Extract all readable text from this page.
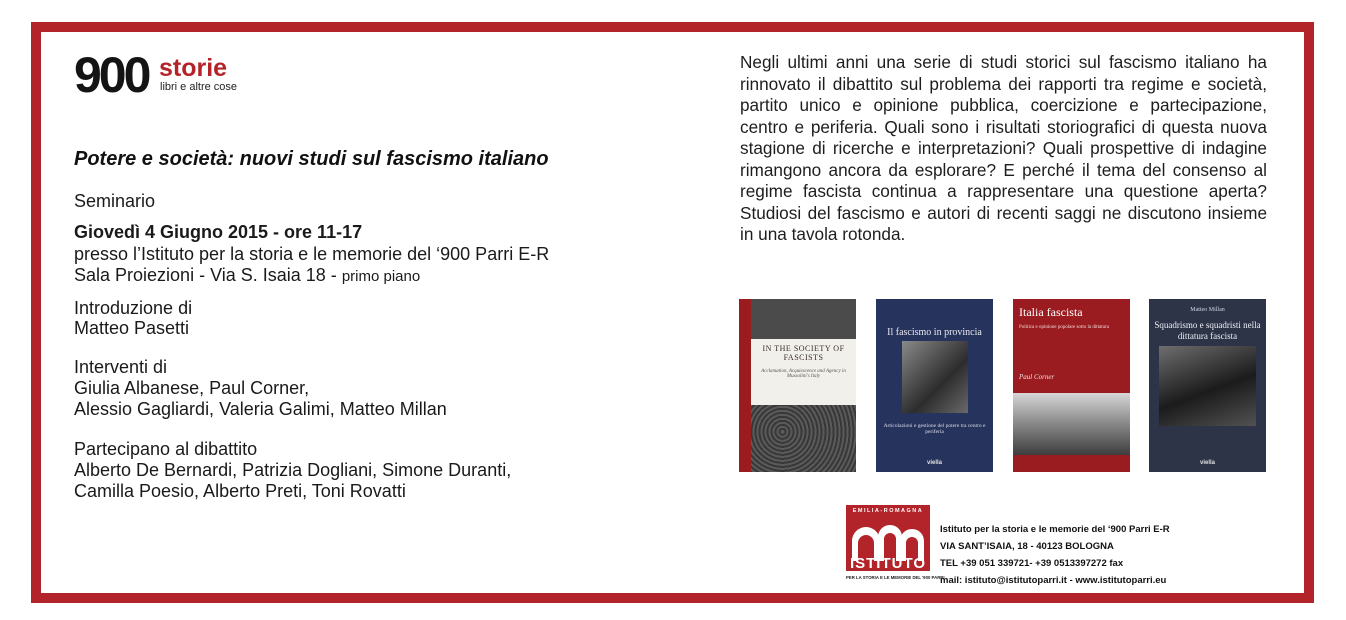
900 storie
libri e altre cose
Potere e società: nuovi studi sul fascismo italiano
Seminario
Giovedì 4 Giugno 2015 - ore 11-17
presso l’Istituto per la storia e le memorie del ‘900 Parri E-R
Sala Proiezioni - Via S. Isaia 18 - primo piano
Introduzione di
Matteo Pasetti
Interventi di
Giulia Albanese, Paul Corner,
Alessio Gagliardi, Valeria Galimi, Matteo Millan
Partecipano al dibattito
Alberto De Bernardi, Patrizia Dogliani, Simone Duranti,
Camilla Poesio, Alberto Preti, Toni Rovatti
Negli ultimi anni una serie di studi storici sul fascismo italiano ha rinnovato il dibattito sul problema dei rapporti tra regime e società, partito unico e opinione pubblica, coercizione e partecipazione, centro e periferia. Quali sono i risultati storiografici di questa nuova stagione di ricerche e interpretazioni? Quali prospettive di indagine rimangono ancora da esplorare? E perché il tema del consenso al regime fascista continua a rappresentare una questione aperta? Studiosi del fascismo e autori di recenti saggi ne discutono insieme in una tavola rotonda.
IN THE SOCIETY OF FASCISTS
Acclamation, Acquiescence and Agency in Mussolini's Italy
Il fascismo in provincia
Articolazioni e gestione del potere tra centro e periferia
viella
Italia fascista
Politica e opinione popolare sotto la dittatura
Paul Corner
Matteo Millan
Squadrismo e squadristi nella dittatura fascista
viella
EMILIA-ROMAGNA
ISTITUTO
PER LA STORIA E LE MEMORIE DEL '900 PARRI
Istituto per la storia e le memorie del ‘900 Parri E-R
VIA SANT’ISAIA, 18 - 40123 BOLOGNA
TEL +39 051 339721- +39 0513397272 fax
mail: istituto@istitutoparri.it - www.istitutoparri.eu
